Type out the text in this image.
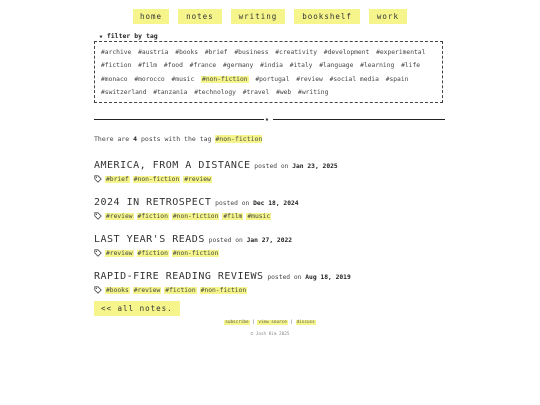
home	notes	writing	bookshelf	work
★ filter by tag
#archive #austria #books #brief #business #creativity #development #experimental #fiction #film #food #france #germany #india #italy #language #learning #life #monaco #morocco #music #non-fiction #portugal #review #social media #spain #switzerland #tanzania #technology #travel #web #writing
★
There are 4 posts with the tag #non-fiction
AMERICA, FROM A DISTANCE posted on Jan 23, 2025
#brief #non-fiction #review
2024 IN RETROSPECT posted on Dec 18, 2024
#review #fiction #non-fiction #film #music
LAST YEAR'S READS posted on Jan 27, 2022
#review #fiction #non-fiction
RAPID-FIRE READING REVIEWS posted on Aug 18, 2019
#books #review #fiction #non-fiction
<< all notes.
subscribe | view source | discuss
© Josh Kim 2025
